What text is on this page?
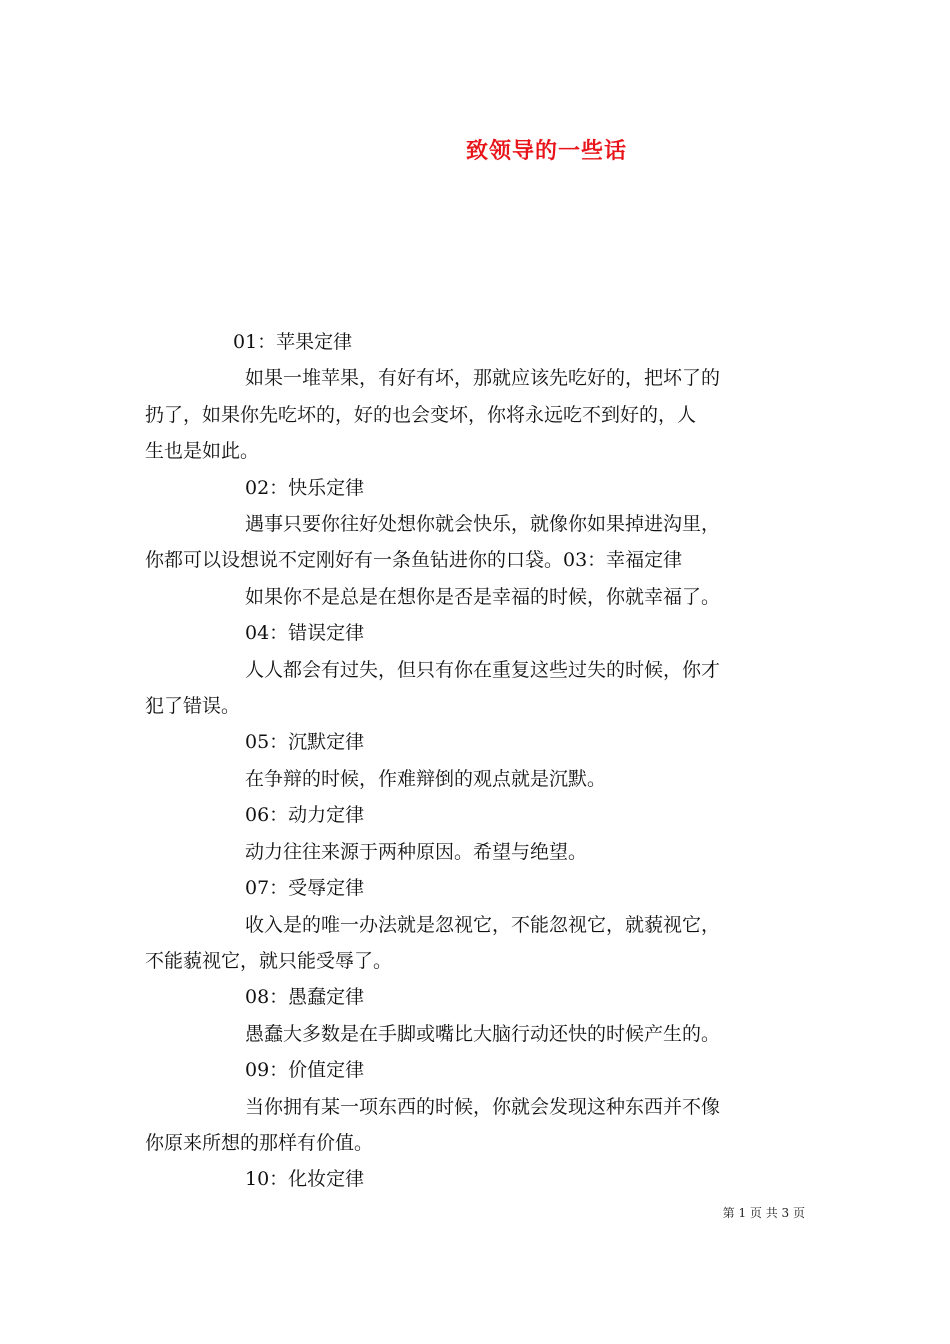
致领导的一些话

01：苹果定律

如果一堆苹果，有好有坏，那就应该先吃好的，把坏了的

扔了，如果你先吃坏的，好的也会变坏，你将永远吃不到好的，人

生也是如此。

02：快乐定律

遇事只要你往好处想你就会快乐，就像你如果掉进沟里，

你都可以设想说不定刚好有一条鱼钻进你的口袋。03：幸福定律

如果你不是总是在想你是否是幸福的时候，你就幸福了。

04：错误定律

人人都会有过失，但只有你在重复这些过失的时候，你才

犯了错误。

05：沉默定律

在争辩的时候，作难辩倒的观点就是沉默。

06：动力定律

动力往往来源于两种原因。希望与绝望。

07：受辱定律

收入是的唯一办法就是忽视它，不能忽视它，就藐视它，

不能藐视它，就只能受辱了。

08：愚蠢定律

愚蠢大多数是在手脚或嘴比大脑行动还快的时候产生的。

09：价值定律

当你拥有某一项东西的时候，你就会发现这种东西并不像

你原来所想的那样有价值。

10：化妆定律

第 1 页 共 3 页
